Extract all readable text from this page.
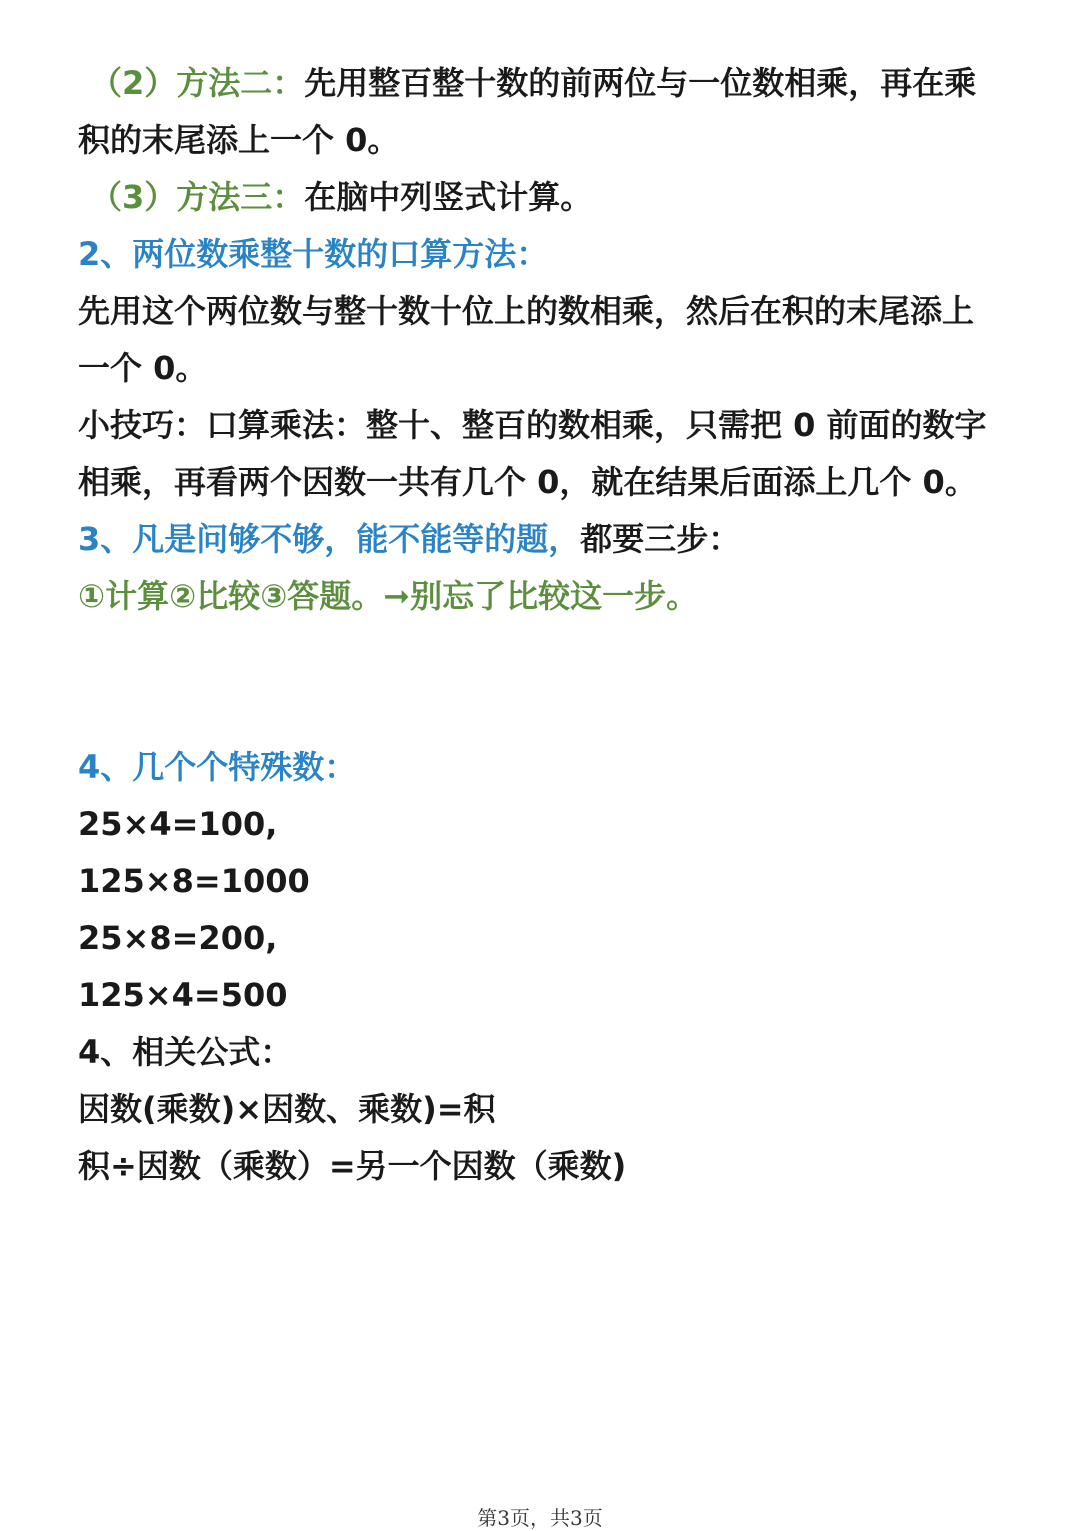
（2）方法二：先用整百整十数的前两位与一位数相乘，再在乘
积的末尾添上一个 0。
（3）方法三：在脑中列竖式计算。
2、两位数乘整十数的口算方法：
先用这个两位数与整十数十位上的数相乘，然后在积的末尾添上
一个 0。
小技巧：口算乘法：整十、整百的数相乘，只需把 0 前面的数字
相乘，再看两个因数一共有几个 0，就在结果后面添上几个 0。
3、凡是问够不够，能不能等的题，都要三步：
①计算②比较③答题。➞别忘了比较这一步。
4、几个个特殊数：
25×4=100,
125×8=1000
25×8=200,
125×4=500
4、相关公式：
因数(乘数)×因数、乘数)=积
积÷因数（乘数）=另一个因数（乘数)
第3页，共3页
